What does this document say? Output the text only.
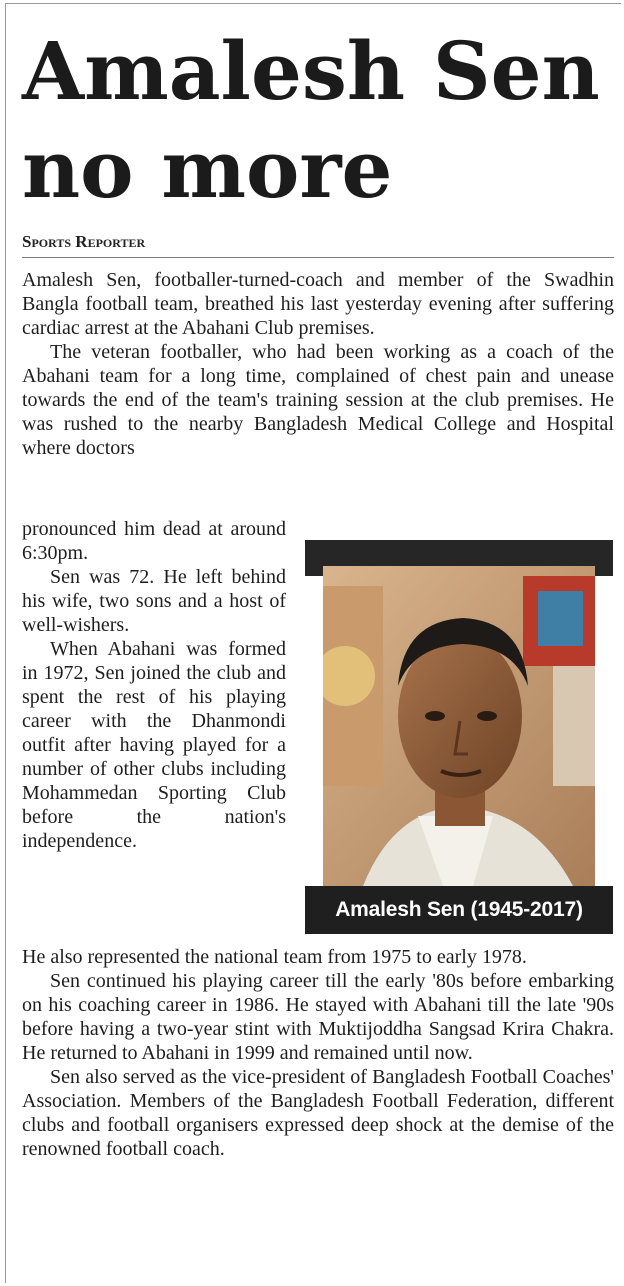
Amalesh Sen
no more
Sports Reporter

Amalesh Sen, footballer-turned-coach and member of the Swadhin Bangla football team, breathed his last yesterday evening after suffering cardiac arrest at the Abahani Club premises.

The veteran footballer, who had been working as a coach of the Abahani team for a long time, complained of chest pain and unease towards the end of the team's training session at the club premises. He was rushed to the nearby Bangladesh Medical College and Hospital where doctors

pronounced him dead at around 6:30pm.

Sen was 72. He left behind his wife, two sons and a host of well-wishers.

When Abahani was formed in 1972, Sen joined the club and spent the rest of his playing career with the Dhanmondi outfit after having played for a number of other clubs including Mohammedan Sporting Club before the nation's independence.

Amalesh Sen (1945-2017)

He also represented the national team from 1975 to early 1978.

Sen continued his playing career till the early '80s before embarking on his coaching career in 1986. He stayed with Abahani till the late '90s before having a two-year stint with Muktijoddha Sangsad Krira Chakra. He returned to Abahani in 1999 and remained until now.

Sen also served as the vice-president of Bangladesh Football Coaches' Association. Members of the Bangladesh Football Federation, different clubs and football organisers expressed deep shock at the demise of the renowned football coach.
